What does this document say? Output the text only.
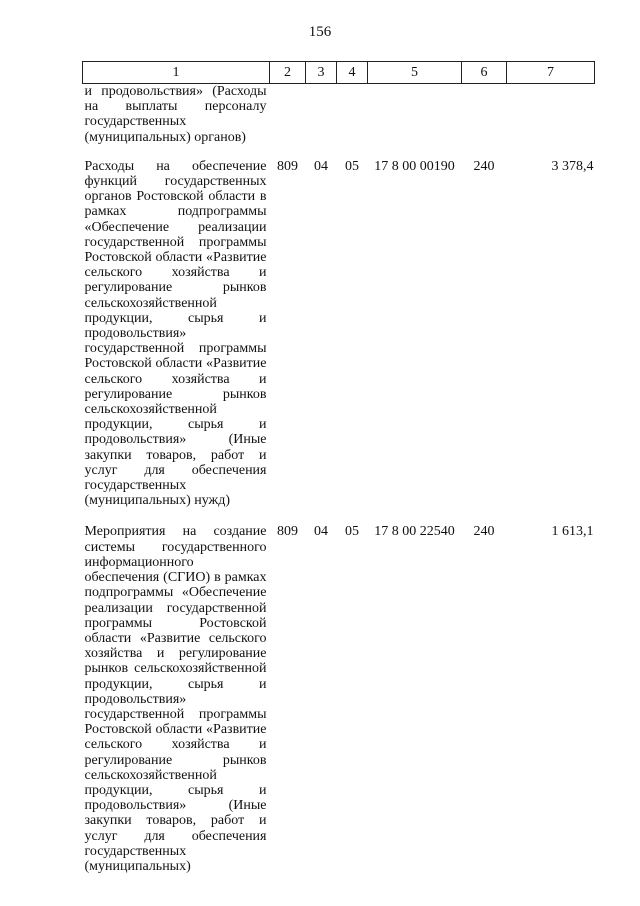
156
1	2	3	4	5	6	7
и продовольствия» (Расходы на выплаты персоналу государственных (муниципальных) органов)						
Расходы на обеспечение функций государственных органов Ростовской области в рамках подпрограммы «Обеспечение реализации государственной программы Ростовской области «Развитие сельского хозяйства и регулирование рынков сельскохозяйственной продукции, сырья и продовольствия» государственной программы Ростовской области «Развитие сельского хозяйства и регулирование рынков сельскохозяйственной продукции, сырья и продовольствия» (Иные закупки товаров, работ и услуг для обеспечения государственных (муниципальных) нужд)	809	04	05	17 8 00 00190	240	3 378,4
Мероприятия на создание системы государственного информационного обеспечения (СГИО) в рамках подпрограммы «Обеспечение реализации государственной программы Ростовской области «Развитие сельского хозяйства и регулирование рынков сельскохозяйственной продукции, сырья и продовольствия» государственной программы Ростовской области «Развитие сельского хозяйства и регулирование рынков сельскохозяйственной продукции, сырья и продовольствия» (Иные закупки товаров, работ и услуг для обеспечения государственных (муниципальных)	809	04	05	17 8 00 22540	240	1 613,1
